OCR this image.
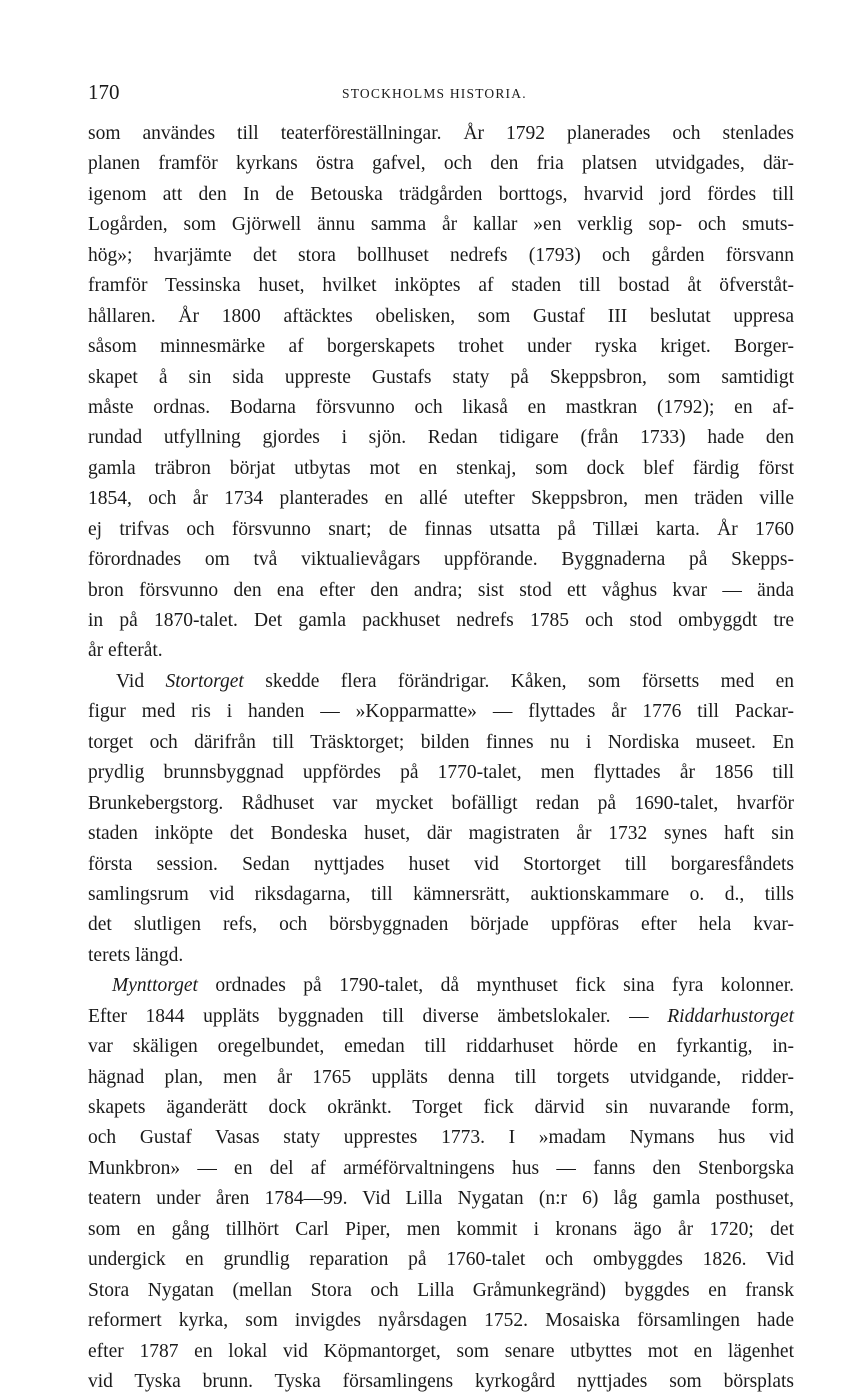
170	STOCKHOLMS HISTORIA.
som användes till teaterföreställningar. År 1792 planerades och stenlades
planen framför kyrkans östra gafvel, och den fria platsen utvidgades, där-
igenom att den In de Betouska trädgården borttogs, hvarvid jord fördes till
Logården, som Gjörwell ännu samma år kallar »en verklig sop- och smuts-
hög»; hvarjämte det stora bollhuset nedrefs (1793) och gården försvann
framför Tessinska huset, hvilket inköptes af staden till bostad åt öfverståt-
hållaren. År 1800 aftäcktes obelisken, som Gustaf III beslutat uppresa
såsom minnesmärke af borgerskapets trohet under ryska kriget. Borger-
skapet å sin sida uppreste Gustafs staty på Skeppsbron, som samtidigt
måste ordnas. Bodarna försvunno och likaså en mastkran (1792); en af-
rundad utfyllning gjordes i sjön. Redan tidigare (från 1733) hade den
gamla träbron börjat utbytas mot en stenkaj, som dock blef färdig först
1854, och år 1734 planterades en allé utefter Skeppsbron, men träden ville
ej trifvas och försvunno snart; de finnas utsatta på Tillæi karta. År 1760
förordnades om två viktualievågars uppförande. Byggnaderna på Skepps-
bron försvunno den ena efter den andra; sist stod ett våghus kvar — ända
in på 1870-talet. Det gamla packhuset nedrefs 1785 och stod ombyggdt tre
år efteråt.
Vid Stortorget skedde flera förändrigar. Kåken, som försetts med en
figur med ris i handen — »Kopparmatte» — flyttades år 1776 till Packar-
torget och därifrån till Träsktorget; bilden finnes nu i Nordiska museet. En
prydlig brunnsbyggnad uppfördes på 1770-talet, men flyttades år 1856 till
Brunkebergstorg. Rådhuset var mycket bofälligt redan på 1690-talet, hvarför
staden inköpte det Bondeska huset, där magistraten år 1732 synes haft sin
första session. Sedan nyttjades huset vid Stortorget till borgaresfåndets
samlingsrum vid riksdagarna, till kämnersrätt, auktionskammare o. d., tills
det slutligen refs, och börsbyggnaden började uppföras efter hela kvar-
terets längd.
Mynttorget ordnades på 1790-talet, då mynthuset fick sina fyra kolonner.
Efter 1844 uppläts byggnaden till diverse ämbetslokaler. — Riddarhustorget
var skäligen oregelbundet, emedan till riddarhuset hörde en fyrkantig, in-
hägnad plan, men år 1765 uppläts denna till torgets utvidgande, ridder-
skapets äganderätt dock okränkt. Torget fick därvid sin nuvarande form,
och Gustaf Vasas staty upprestes 1773. I »madam Nymans hus vid
Munkbron» — en del af arméförvaltningens hus — fanns den Stenborgska
teatern under åren 1784—99. Vid Lilla Nygatan (n:r 6) låg gamla posthuset,
som en gång tillhört Carl Piper, men kommit i kronans ägo år 1720; det
undergick en grundlig reparation på 1760-talet och ombyggdes 1826. Vid
Stora Nygatan (mellan Stora och Lilla Gråmunkegränd) byggdes en fransk
reformert kyrka, som invigdes nyårsdagen 1752. Mosaiska församlingen hade
efter 1787 en lokal vid Köpmantorget, som senare utbyttes mot en lägenhet
vid Tyska brunn. Tyska församlingens kyrkogård nyttjades som börsplats
